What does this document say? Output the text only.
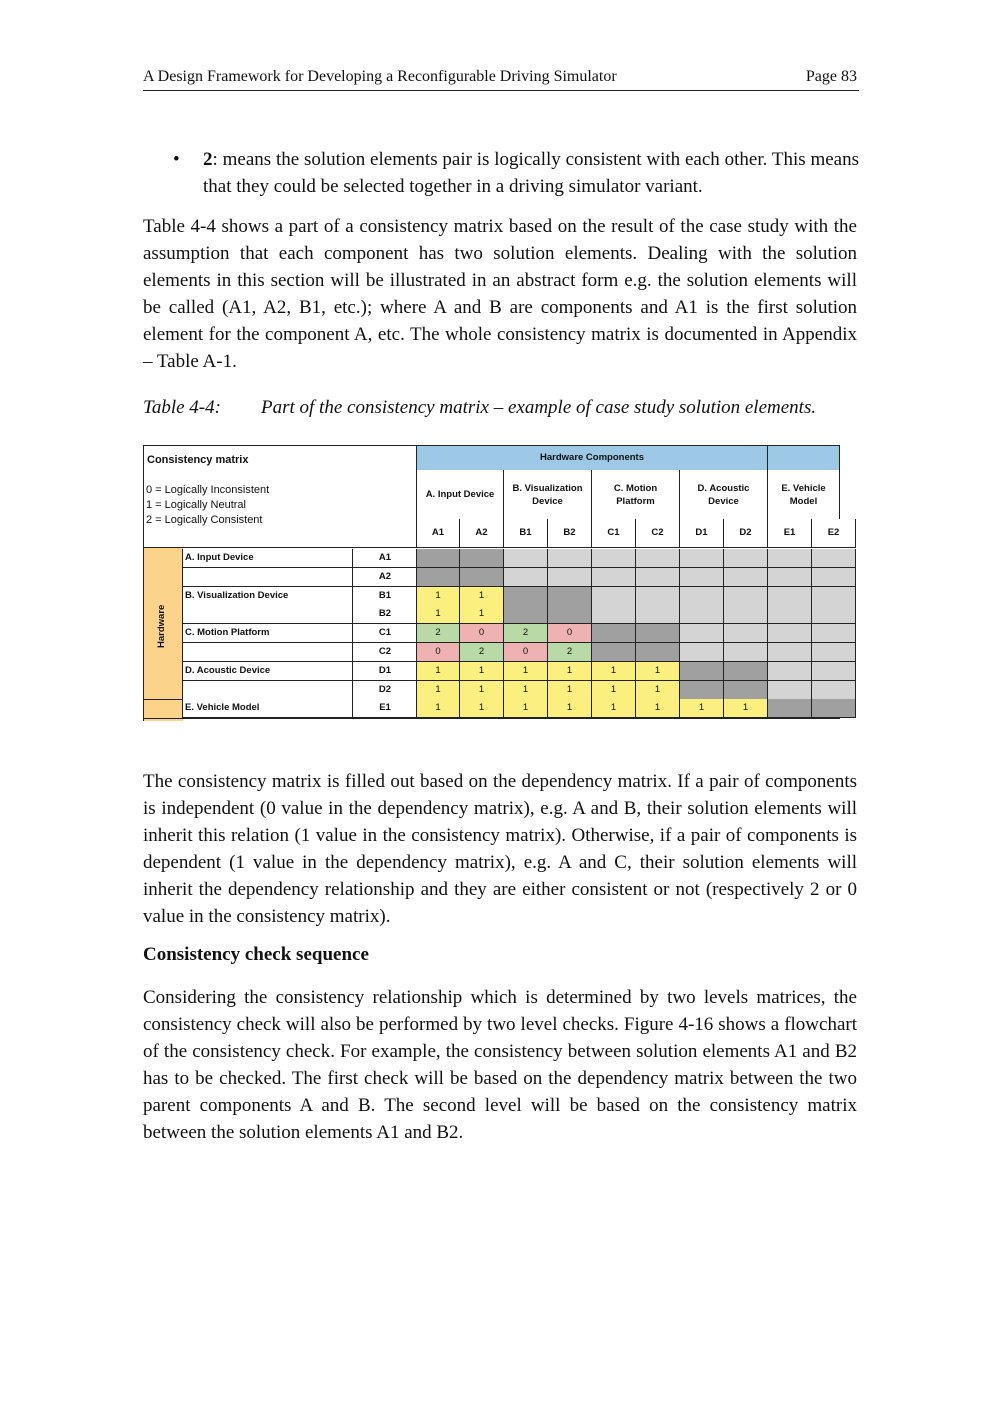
A Design Framework for Developing a Reconfigurable Driving Simulator	Page 83
• 2: means the solution elements pair is logically consistent with each other. This means that they could be selected together in a driving simulator variant.
Table 4-4 shows a part of a consistency matrix based on the result of the case study with the assumption that each component has two solution elements. Dealing with the solution elements in this section will be illustrated in an abstract form e.g. the solution elements will be called (A1, A2, B1, etc.); where A and B are components and A1 is the first solution element for the component A, etc. The whole consistency matrix is documented in Appendix – Table A-1.
Table 4-4: Part of the consistency matrix – example of case study solution elements.
Consistency matrix
0 = Logically Inconsistent
1 = Logically Neutral
2 = Logically Consistent
Hardware Components
Hardware
A. Input Device
B. Visualization
Device
C. Motion
Platform
D. Acoustic
Device
E. Vehicle
Model
A1	A2	B1	B2	C1	C2	D1	D2	E1	E2
A. Input Device	A1
A2
B. Visualization Device	B1	1	1
B2	1	1
C. Motion Platform	C1	2	0	2	0
C2	0	2	0	2
D. Acoustic Device	D1	1	1	1	1	1	1
D2	1	1	1	1	1	1
E. Vehicle Model	E1	1	1	1	1	1	1	1	1
The consistency matrix is filled out based on the dependency matrix. If a pair of components is independent (0 value in the dependency matrix), e.g. A and B, their solution elements will inherit this relation (1 value in the consistency matrix). Otherwise, if a pair of components is dependent (1 value in the dependency matrix), e.g. A and C, their solution elements will inherit the dependency relationship and they are either consistent or not (respectively 2 or 0 value in the consistency matrix).
Consistency check sequence
Considering the consistency relationship which is determined by two levels matrices, the consistency check will also be performed by two level checks. Figure 4-16 shows a flowchart of the consistency check. For example, the consistency between solution elements A1 and B2 has to be checked. The first check will be based on the dependency matrix between the two parent components A and B. The second level will be based on the consistency matrix between the solution elements A1 and B2.
